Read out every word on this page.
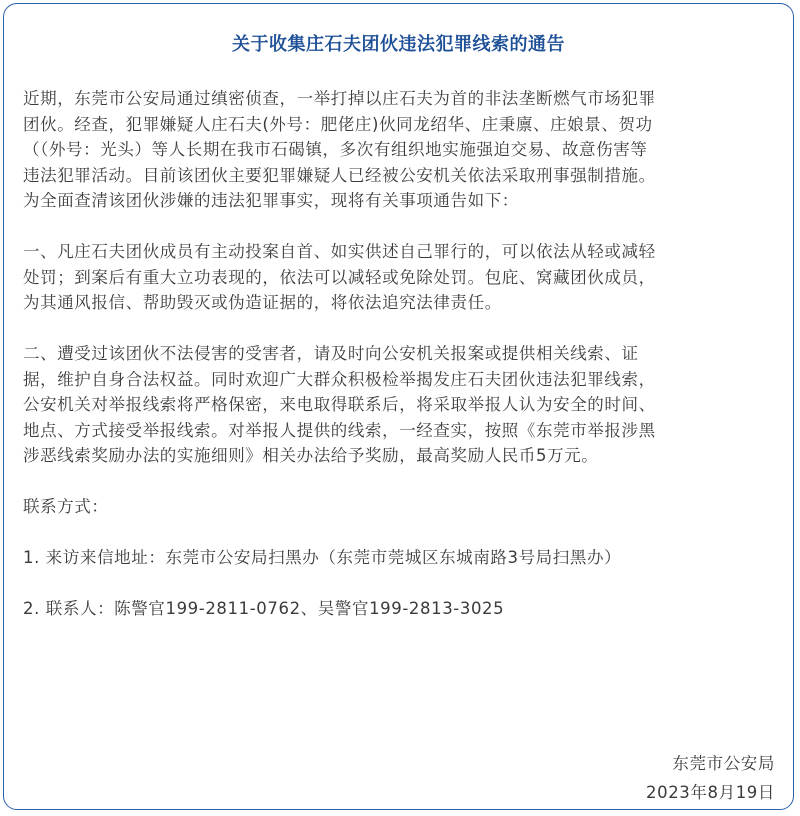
关于收集庄石夫团伙违法犯罪线索的通告

近期，东莞市公安局通过缜密侦查，一举打掉以庄石夫为首的非法垄断燃气市场犯罪
团伙。经查，犯罪嫌疑人庄石夫(外号：肥佬庄)伙同龙绍华、庄秉廪、庄娘景、贺功
（（外号：光头）等人长期在我市石碣镇，多次有组织地实施强迫交易、故意伤害等
违法犯罪活动。目前该团伙主要犯罪嫌疑人已经被公安机关依法采取刑事强制措施。
为全面查清该团伙涉嫌的违法犯罪事实，现将有关事项通告如下：

一、凡庄石夫团伙成员有主动投案自首、如实供述自己罪行的，可以依法从轻或减轻
处罚；到案后有重大立功表现的，依法可以减轻或免除处罚。包庇、窝藏团伙成员，
为其通风报信、帮助毁灭或伪造证据的，将依法追究法律责任。

二、遭受过该团伙不法侵害的受害者，请及时向公安机关报案或提供相关线索、证
据，维护自身合法权益。同时欢迎广大群众积极检举揭发庄石夫团伙违法犯罪线索，
公安机关对举报线索将严格保密，来电取得联系后，将采取举报人认为安全的时间、
地点、方式接受举报线索。对举报人提供的线索，一经查实，按照《东莞市举报涉黑
涉恶线索奖励办法的实施细则》相关办法给予奖励，最高奖励人民币5万元。

联系方式：

1. 来访来信地址：东莞市公安局扫黑办（东莞市莞城区东城南路3号局扫黑办）

2. 联系人：陈警官199-2811-0762、吴警官199-2813-3025

东莞市公安局
2023年8月19日
